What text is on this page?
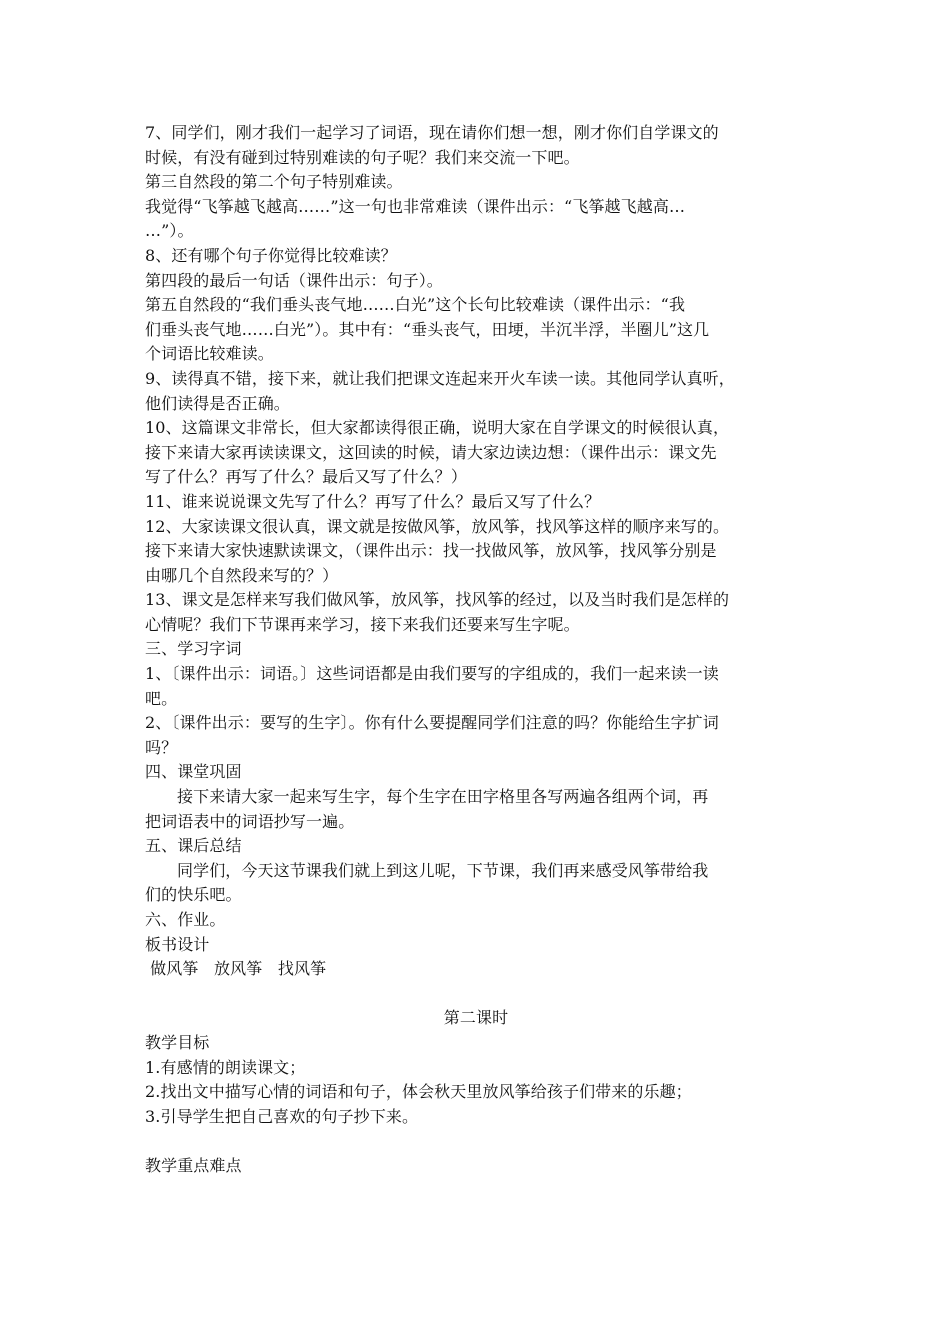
7、同学们，刚才我们一起学习了词语，现在请你们想一想，刚才你们自学课文的
时候，有没有碰到过特别难读的句子呢？我们来交流一下吧。
第三自然段的第二个句子特别难读。
我觉得“飞筝越飞越高……”这一句也非常难读（课件出示：“飞筝越飞越高…
…”）。
8、还有哪个句子你觉得比较难读？
第四段的最后一句话（课件出示：句子）。
第五自然段的“我们垂头丧气地……白光”这个长句比较难读（课件出示：“我
们垂头丧气地……白光”）。其中有：“垂头丧气，田埂，半沉半浮，半圈儿”这几
个词语比较难读。
9、读得真不错，接下来，就让我们把课文连起来开火车读一读。其他同学认真听，
他们读得是否正确。
10、这篇课文非常长，但大家都读得很正确，说明大家在自学课文的时候很认真，
接下来请大家再读读课文，这回读的时候，请大家边读边想：（课件出示：课文先
写了什么？再写了什么？最后又写了什么？）
11、谁来说说课文先写了什么？再写了什么？最后又写了什么？
12、大家读课文很认真，课文就是按做风筝，放风筝，找风筝这样的顺序来写的。
接下来请大家快速默读课文，（课件出示：找一找做风筝，放风筝，找风筝分别是
由哪几个自然段来写的？）
13、课文是怎样来写我们做风筝，放风筝，找风筝的经过，以及当时我们是怎样的
心情呢？我们下节课再来学习，接下来我们还要来写生字呢。
三、学习字词
1、〔课件出示：词语。〕这些词语都是由我们要写的字组成的，我们一起来读一读
吧。
2、〔课件出示：要写的生字〕。你有什么要提醒同学们注意的吗？你能给生字扩词
吗？
四、课堂巩固
接下来请大家一起来写生字，每个生字在田字格里各写两遍各组两个词，再
把词语表中的词语抄写一遍。
五、课后总结
同学们，今天这节课我们就上到这儿呢，下节课，我们再来感受风筝带给我
们的快乐吧。
六、作业。
板书设计
做风筝   放风筝   找风筝
第二课时
教学目标
1.有感情的朗读课文；
2.找出文中描写心情的词语和句子，体会秋天里放风筝给孩子们带来的乐趣；
3.引导学生把自己喜欢的句子抄下来。
教学重点难点
